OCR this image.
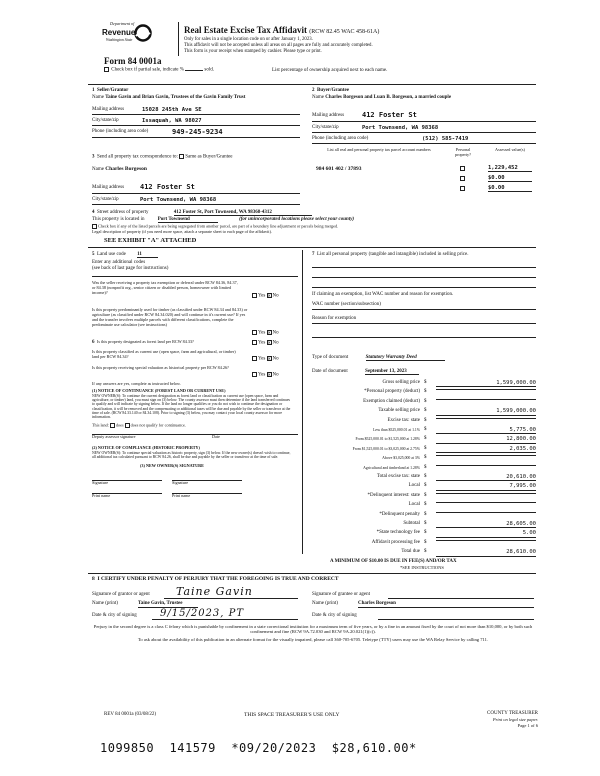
Department of
Revenue
Washington State
Form 84 0001a
Check box if partial sale, indicate %	sold.	List percentage of ownership acquired next to each name.
Real Estate Excise Tax Affidavit (RCW 82.45 WAC 458-61A)
Only for sales in a single location code on or after January 1, 2023.
This affidavit will not be accepted unless all areas on all pages are fully and accurately completed.
This form is your receipt when stamped by cashier. Please type or print.
1 Seller/Grantor
Name Taine Gavin and Brian Gavin, Trustees of the Gavin Family Trust
Mailing address	15028 245th Ave SE
City/state/zip	Issaquah, WA 98027
Phone (including area code)	949-245-9234
2 Buyer/Grantee
Name Charles Borgeson and Luan B. Borgeson, a married couple
Mailing address	412 Foster St
City/state/zip	Port Townsend, WA 98368
Phone (including area code)	(512) 585-7419
3 Send all property tax correspondence to: Same as Buyer/Grantee
Name Charles Borgeson
Mailing address 412 Foster St
City/state/zip	Port Townsend, WA 98368
List all real and personal property tax parcel account numbers	Personal property?
Assessed value(s)
984 601 402 / 37893	1,229,452
$0.00
$0.00
4 Street address of property	412 Foster St, Port Townsend, WA 98368-4312
This property is located in	Port Townsend	(for unincorporated locations please select your county)
Check box if any of the listed parcels are being segregated from another parcel, are part of a boundary line adjustment or parcels being merged.
Legal description of property (if you need more space, attach a separate sheet to each page of the affidavit).
SEE EXHIBIT "A" ATTACHED
5 Land use code 11
Enter any additional codes
(see back of last page for instructions)
Was the seller receiving a property tax exemption or deferral under RCW 84.36, 84.37, or 84.38 (nonprofit org., senior citizen or disabled person, homeowner with limited income)?
Yes ✕ No
Is this property predominantly used for timber (as classified under RCW 84.34 and 84.33) or agriculture (as classified under RCW 84.34.020) and will continue in it's current use? If yes and the transfer involves multiple parcels with different classifications, complete the predominate use calculator (see instructions)
Yes ✕ No
6 Is this property designated as forest land per RCW 84.33?	Yes ✕ No
Is this property classified as current use (open space, farm and agricultural, or timber) land per RCW 84.34?
Yes ✕ No
Is this property receiving special valuation as historical property per RCW 84.26?
Yes ✕ No
If any answers are yes, complete as instructed below.
(1) NOTICE OF CONTINUANCE (FOREST LAND OR CURRENT USE)
NEW OWNER(S): To continue the current designation as forest land or classification as current use (open space, farm and agriculture, or timber) land, you must sign on (3) below. The county assessor must then determine if the land transferred continues to qualify and will indicate by signing below. If the land no longer qualifies or you do not wish to continue the designation or classification, it will be removed and the compensating or additional taxes will be due and payable by the seller or transferor at the time of sale. (RCW 84.33.140 or 84.34.108). Prior to signing (3) below, you may contact your local county assessor for more information.
This land: does does not qualify for continuance.
Deputy assessor signature	Date
(2) NOTICE OF COMPLIANCE (HISTORIC PROPERTY)
NEW OWNER(S): To continue special valuation as historic property, sign (3) below. If the new owner(s) doesn't wish to continue, all additional tax calculated pursuant to RCW 84.26, shall be due and payable by the seller or transferor at the time of sale.
(3) NEW OWNER(S) SIGNATURE
Signature	Signature
Print name	Print name
7 List all personal property (tangible and intangible) included in selling price.
If claiming an exemption, list WAC number and reason for exemption.
WAC number (section/subsection)
Reason for exemption
Type of document	Statutory Warranty Deed
Date of document	September 13, 2023
Gross selling price $	1,599,000.00
*Personal property (deduct) $
Exemption claimed (deduct) $
Taxable selling price $	1,599,000.00
Excise tax: state $
Less than $525,000.01 at 1.1% $	5,775.00
From $525,000.01 to $1,525,000 at 1.28% $	12,800.00
From $1,525,000.01 to $3,025,000 at 2.75% $	2,035.00
Above $3,025,000 at 3% $
Agricultural and timberland at 1.28% $
Total excise tax: state $	20,610.00
Local $	7,995.00
*Delinquent interest: state $
Local $
*Delinquent penalty $
Subtotal $	28,605.00
*State technology fee $	5.00
Affidavit processing fee $
Total due $	28,610.00
A MINIMUM OF $10.00 IS DUE IN FEE(S) AND/OR TAX
*SEE INSTRUCTIONS
8 I CERTIFY UNDER PENALTY OF PERJURY THAT THE FOREGOING IS TRUE AND CORRECT
Signature of grantor or agent Taine Gavin
Name (print)	Taine Gavin, Trustee
Date & city of signing 9/15/2023, PT
Signature of grantee or agent
Name (print)	Charles Borgeson
Date & city of signing
Perjury in the second degree is a class C felony which is punishable by confinement in a state correctional institution for a maximum term of five years, or by a fine in an amount fixed by the court of not more than $10,000, or by both such confinement and fine (RCW 9A.72.030 and RCW 9A.20.021(1)(c)).
To ask about the availability of this publication in an alternate format for the visually impaired, please call 360-705-6705. Teletype (TTY) users may use the WA Relay Service by calling 711.
REV 84 0001a (03/08/22)	THIS SPACE TREASURER'S USE ONLY	COUNTY TREASURER
Print on legal size paper.
Page 1 of 6
1099850  141579  *09/20/2023  $28,610.00*
